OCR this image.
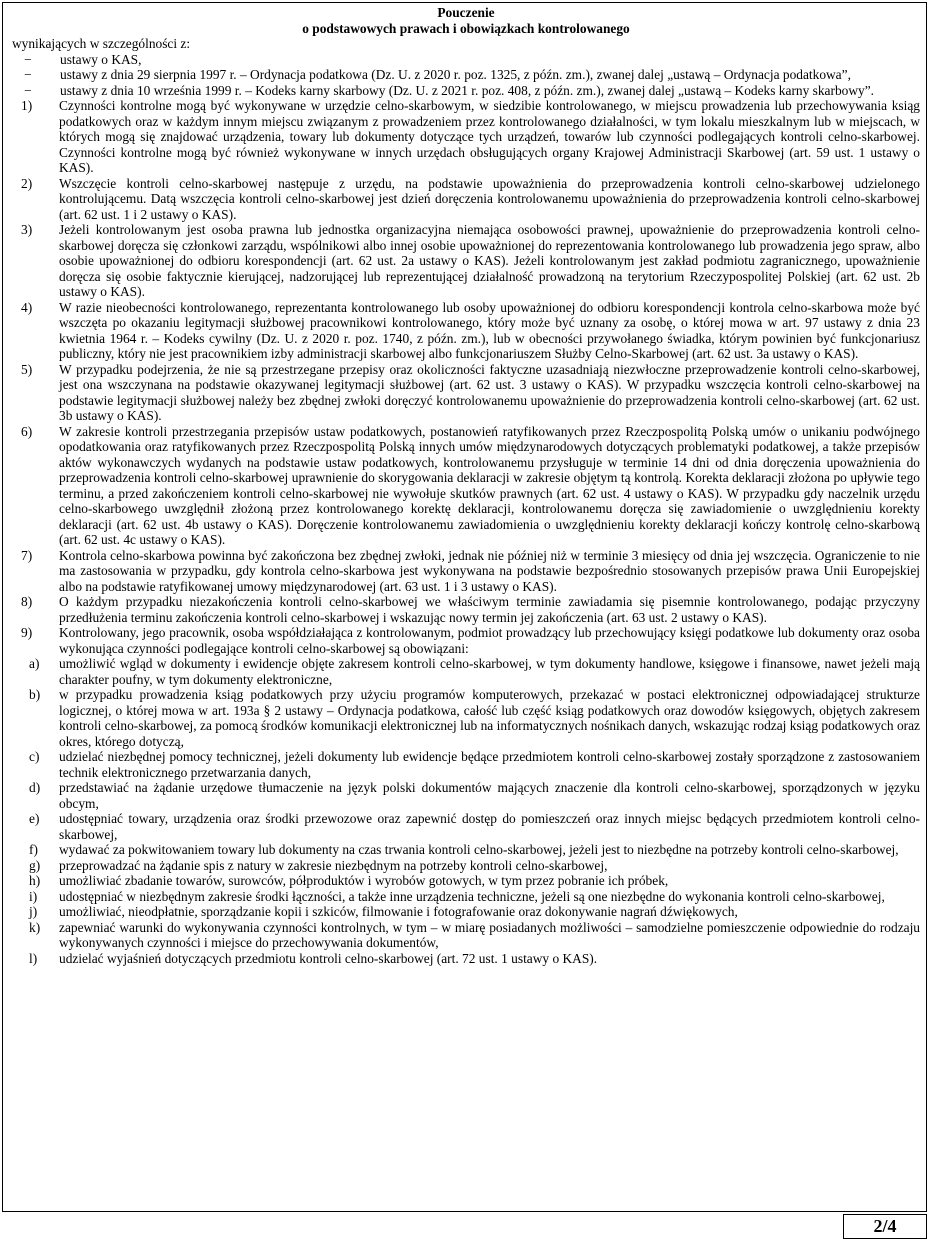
Pouczenie

o podstawowych prawach i obowiązkach kontrolowanego

wynikających w szczególności z:

−	ustawy o KAS,
−	ustawy z dnia 29 sierpnia 1997 r. – Ordynacja podatkowa (Dz. U. z 2020 r. poz. 1325, z późn. zm.), zwanej dalej „ustawą – Ordynacja podatkowa”,
−	ustawy z dnia 10 września 1999 r. – Kodeks karny skarbowy (Dz. U. z 2021 r. poz. 408, z późn. zm.), zwanej dalej „ustawą – Kodeks karny skarbowy”.
1)	Czynności kontrolne mogą być wykonywane w urzędzie celno-skarbowym, w siedzibie kontrolowanego, w miejscu prowadzenia lub przechowywania ksiąg podatkowych oraz w każdym innym miejscu związanym z prowadzeniem przez kontrolowanego działalności, w tym lokalu mieszkalnym lub w miejscach, w których mogą się znajdować urządzenia, towary lub dokumenty dotyczące tych urządzeń, towarów lub czynności podlegających kontroli celno-skarbowej. Czynności kontrolne mogą być również wykonywane w innych urzędach obsługujących organy Krajowej Administracji Skarbowej (art. 59 ust. 1 ustawy o KAS).
2)	Wszczęcie kontroli celno-skarbowej następuje z urzędu, na podstawie upoważnienia do przeprowadzenia kontroli celno-skarbowej udzielonego kontrolującemu. Datą wszczęcia kontroli celno-skarbowej jest dzień doręczenia kontrolowanemu upoważnienia do przeprowadzenia kontroli celno-skarbowej (art. 62 ust. 1 i 2 ustawy o KAS).
3)	Jeżeli kontrolowanym jest osoba prawna lub jednostka organizacyjna niemająca osobowości prawnej, upoważnienie do przeprowadzenia kontroli celno-skarbowej doręcza się członkowi zarządu, wspólnikowi albo innej osobie upoważnionej do reprezentowania kontrolowanego lub prowadzenia jego spraw, albo osobie upoważnionej do odbioru korespondencji (art. 62 ust. 2a ustawy o KAS). Jeżeli kontrolowanym jest zakład podmiotu zagranicznego, upoważnienie doręcza się osobie faktycznie kierującej, nadzorującej lub reprezentującej działalność prowadzoną na terytorium Rzeczypospolitej Polskiej (art. 62 ust. 2b ustawy o KAS).
4)	W razie nieobecności kontrolowanego, reprezentanta kontrolowanego lub osoby upoważnionej do odbioru korespondencji kontrola celno-skarbowa może być wszczęta po okazaniu legitymacji służbowej pracownikowi kontrolowanego, który może być uznany za osobę, o której mowa w art. 97 ustawy z dnia 23 kwietnia 1964 r. – Kodeks cywilny (Dz. U. z 2020 r. poz. 1740, z późn. zm.), lub w obecności przywołanego świadka, którym powinien być funkcjonariusz publiczny, który nie jest pracownikiem izby administracji skarbowej albo funkcjonariuszem Służby Celno-Skarbowej (art. 62 ust. 3a ustawy o KAS).
5)	W przypadku podejrzenia, że nie są przestrzegane przepisy oraz okoliczności faktyczne uzasadniają niezwłoczne przeprowadzenie kontroli celno-skarbowej, jest ona wszczynana na podstawie okazywanej legitymacji służbowej (art. 62 ust. 3 ustawy o KAS). W przypadku wszczęcia kontroli celno-skarbowej na podstawie legitymacji służbowej należy bez zbędnej zwłoki doręczyć kontrolowanemu upoważnienie do przeprowadzenia kontroli celno-skarbowej (art. 62 ust. 3b ustawy o KAS).
6)	W zakresie kontroli przestrzegania przepisów ustaw podatkowych, postanowień ratyfikowanych przez Rzeczpospolitą Polską umów o unikaniu podwójnego opodatkowania oraz ratyfikowanych przez Rzeczpospolitą Polską innych umów międzynarodowych dotyczących problematyki podatkowej, a także przepisów aktów wykonawczych wydanych na podstawie ustaw podatkowych, kontrolowanemu przysługuje w terminie 14 dni od dnia doręczenia upoważnienia do przeprowadzenia kontroli celno-skarbowej uprawnienie do skorygowania deklaracji w zakresie objętym tą kontrolą. Korekta deklaracji złożona po upływie tego terminu, a przed zakończeniem kontroli celno-skarbowej nie wywołuje skutków prawnych (art. 62 ust. 4 ustawy o KAS). W przypadku gdy naczelnik urzędu celno-skarbowego uwzględnił złożoną przez kontrolowanego korektę deklaracji, kontrolowanemu doręcza się zawiadomienie o uwzględnieniu korekty deklaracji (art. 62 ust. 4b ustawy o KAS). Doręczenie kontrolowanemu zawiadomienia o uwzględnieniu korekty deklaracji kończy kontrolę celno-skarbową (art. 62 ust. 4c ustawy o KAS).
7)	Kontrola celno-skarbowa powinna być zakończona bez zbędnej zwłoki, jednak nie później niż w terminie 3 miesięcy od dnia jej wszczęcia. Ograniczenie to nie ma zastosowania w przypadku, gdy kontrola celno-skarbowa jest wykonywana na podstawie bezpośrednio stosowanych przepisów prawa Unii Europejskiej albo na podstawie ratyfikowanej umowy międzynarodowej (art. 63 ust. 1 i 3 ustawy o KAS).
8)	O każdym przypadku niezakończenia kontroli celno-skarbowej we właściwym terminie zawiadamia się pisemnie kontrolowanego, podając przyczyny przedłużenia terminu zakończenia kontroli celno-skarbowej i wskazując nowy termin jej zakończenia (art. 63 ust. 2 ustawy o KAS).
9)	Kontrolowany, jego pracownik, osoba współdziałająca z kontrolowanym, podmiot prowadzący lub przechowujący księgi podatkowe lub dokumenty oraz osoba wykonująca czynności podlegające kontroli celno-skarbowej są obowiązani:
a)	umożliwić wgląd w dokumenty i ewidencje objęte zakresem kontroli celno-skarbowej, w tym dokumenty handlowe, księgowe i finansowe, nawet jeżeli mają charakter poufny, w tym dokumenty elektroniczne,
b)	w przypadku prowadzenia ksiąg podatkowych przy użyciu programów komputerowych, przekazać w postaci elektronicznej odpowiadającej strukturze logicznej, o której mowa w art. 193a § 2 ustawy – Ordynacja podatkowa, całość lub część ksiąg podatkowych oraz dowodów księgowych, objętych zakresem kontroli celno-skarbowej, za pomocą środków komunikacji elektronicznej lub na informatycznych nośnikach danych, wskazując rodzaj ksiąg podatkowych oraz okres, którego dotyczą,
c)	udzielać niezbędnej pomocy technicznej, jeżeli dokumenty lub ewidencje będące przedmiotem kontroli celno-skarbowej zostały sporządzone z zastosowaniem technik elektronicznego przetwarzania danych,
d)	przedstawiać na żądanie urzędowe tłumaczenie na język polski dokumentów mających znaczenie dla kontroli celno-skarbowej, sporządzonych w języku obcym,
e)	udostępniać towary, urządzenia oraz środki przewozowe oraz zapewnić dostęp do pomieszczeń oraz innych miejsc będących przedmiotem kontroli celno-skarbowej,
f)	wydawać za pokwitowaniem towary lub dokumenty na czas trwania kontroli celno-skarbowej, jeżeli jest to niezbędne na potrzeby kontroli celno-skarbowej,
g)	przeprowadzać na żądanie spis z natury w zakresie niezbędnym na potrzeby kontroli celno-skarbowej,
h)	umożliwiać zbadanie towarów, surowców, półproduktów i wyrobów gotowych, w tym przez pobranie ich próbek,
i)	udostępniać w niezbędnym zakresie środki łączności, a także inne urządzenia techniczne, jeżeli są one niezbędne do wykonania kontroli celno-skarbowej,
j)	umożliwiać, nieodpłatnie, sporządzanie kopii i szkiców, filmowanie i fotografowanie oraz dokonywanie nagrań dźwiękowych,
k)	zapewniać warunki do wykonywania czynności kontrolnych, w tym – w miarę posiadanych możliwości – samodzielne pomieszczenie odpowiednie do rodzaju wykonywanych czynności i miejsce do przechowywania dokumentów,
l)	udzielać wyjaśnień dotyczących przedmiotu kontroli celno-skarbowej (art. 72 ust. 1 ustawy o KAS).
2/4
